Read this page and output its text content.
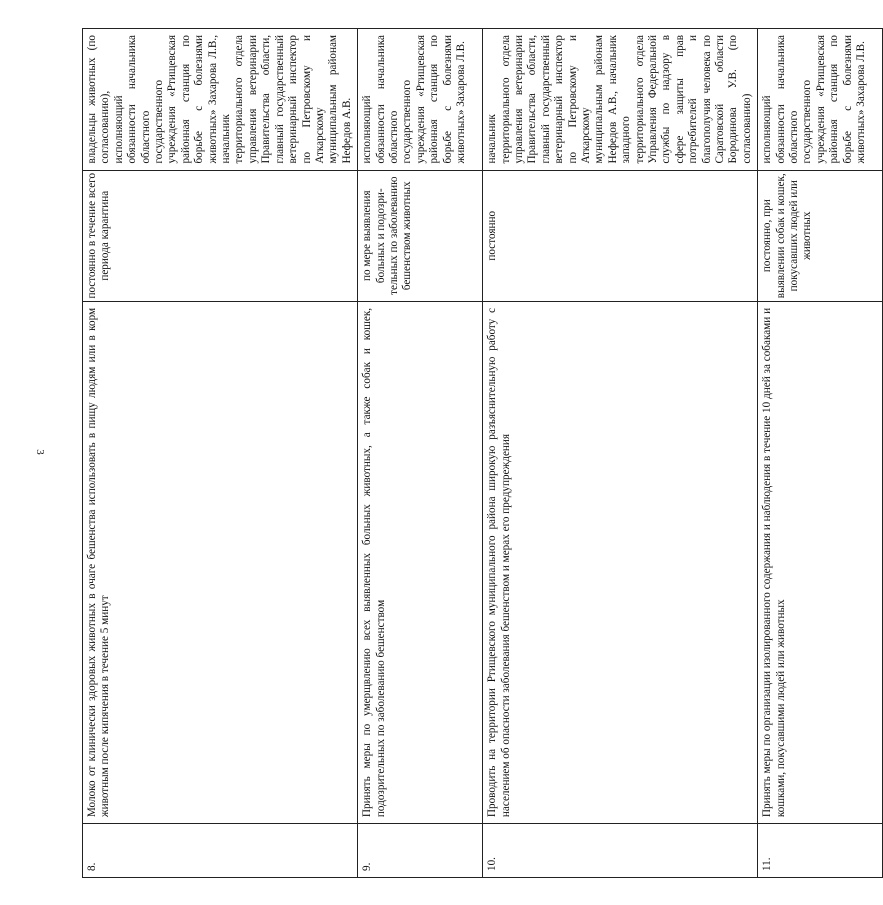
3
8.	Молоко от клинически здоровых животных в очаге бешенства использовать в пищу людям или в корм животным после кипячения в течение 5 минут	постоянно в течение всего периода карантина	владельцы животных (по согласованию), исполняющий обязанности начальника областного государственного учреждения «Ртищевская районная станция по борьбе с болезнями животных» Захарова Л.В., начальник территориального отдела управления ветеринарии Правительства области, главный государственный ветеринарный инспектор по Петровскому и Аткарскому муниципальным районам Нефедов А.В.
9.	Принять меры по умерщвлению всех выявленных больных животных, а также собак и кошек, подозрительных по заболеванию бешенством	по мере выявления больных и подозри-тельных по заболеванию бешенством животных	исполняющий обязанности начальника областного государственного учреждения «Ртищевская районная станция по борьбе с болезнями животных» Захарова Л.В.
10.	Проводить на территории Ртищевского муниципального района широкую разъяснительную работу с населением об опасности заболевания бешенством и мерах его предупреждения	постоянно	начальник территориального отдела управления ветеринарии Правительства области, главный государственный ветеринарный инспектор по Петровскому и Аткарскому муниципальным районам Нефедов А.В., начальник западного территориального отдела Управления Федеральной службы по надзору в сфере защиты прав потребителей и благополучия человека по Саратовской области Бородинова У.В. (по согласованию)
11.	Принять меры по организации изолированного содержания и наблюдения в течение 10 дней за собаками и кошками, покусавшими людей или животных	постоянно, при выявлении собак и кошек, покусавших людей или животных	исполняющий обязанности начальника областного государственного учреждения «Ртищевская районная станция по борьбе с болезнями животных» Захарова Л.В.
